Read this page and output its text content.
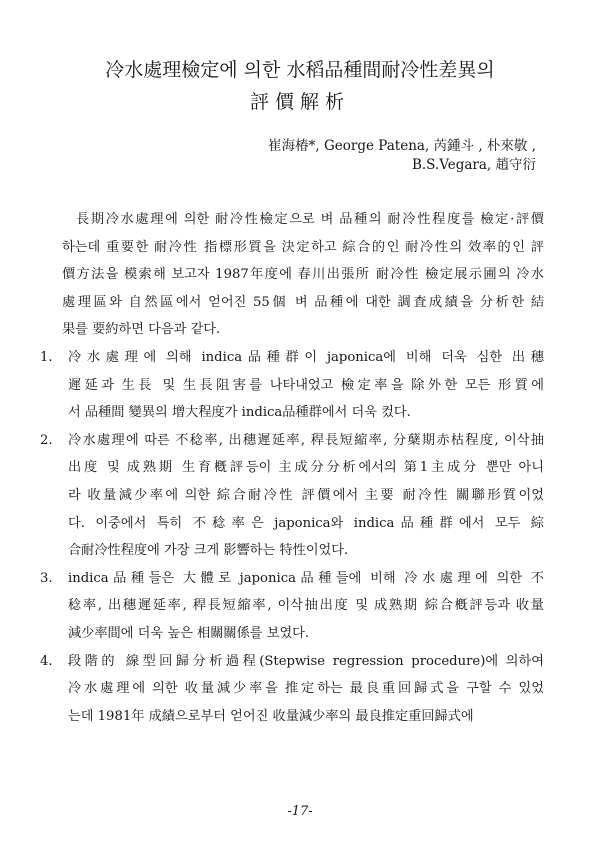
冷水處理檢定에 의한 水稻品種間耐冷性差異의
評價解析
崔海椿*, George Patena, 芮鍾斗 , 朴來敬 ,
B.S.Vegara, 趙守衍

長期冷水處理에 의한 耐冷性檢定으로 벼 品種의 耐冷性程度를 檢定·評價

하는데 重要한 耐冷性 指標形質을 決定하고 綜合的인 耐冷性의 效率的인 評

價方法을 模索해 보고자 1987年度에 春川出張所 耐冷性 檢定展示圃의 冷水

處理區와 自然區에서 얻어진 55個 벼 品種에 대한 調査成績을 分析한 結

果를 要約하면 다음과 같다.

1. 冷水處理에 의해 indica品種群이 japonica에 비해 더욱 심한 出穗

遲延과 生長 및 生長阻害를 나타내었고 檢定率을 除外한 모든 形質에

서 品種間 變異의 增大程度가 indica品種群에서 더욱 컸다.

2. 冷水處理에 따른 不稔率, 出穗遲延率, 稈長短縮率, 分蘖期赤枯程度, 이삭抽

出度 및 成熟期 生育槪評등이 主成分分析에서의 第1主成分 뿐만 아니

라 收量減少率에 의한 綜合耐冷性 評價에서 主要 耐冷性 關聯形質이었

다. 이중에서 특히 不稔率은 japonica와 indica品種群에서 모두 綜

合耐冷性程度에 가장 크게 影響하는 特性이었다.

3. indica品種들은 大體로 japonica品種들에 비해 冷水處理에 의한 不

稔率, 出穗遲延率, 稈長短縮率, 이삭抽出度 및 成熟期 綜合槪評등과 收量

減少率間에 더욱 높은 相關關係를 보였다.

4. 段階的 線型回歸分析過程(Stepwise regression procedure)에 의하여

冷水處理에 의한 收量減少率을 推定하는 最良重回歸式을 구할 수 있었

는데 1981年 成績으로부터 얻어진 收量減少率의 最良推定重回歸式에

-17-
